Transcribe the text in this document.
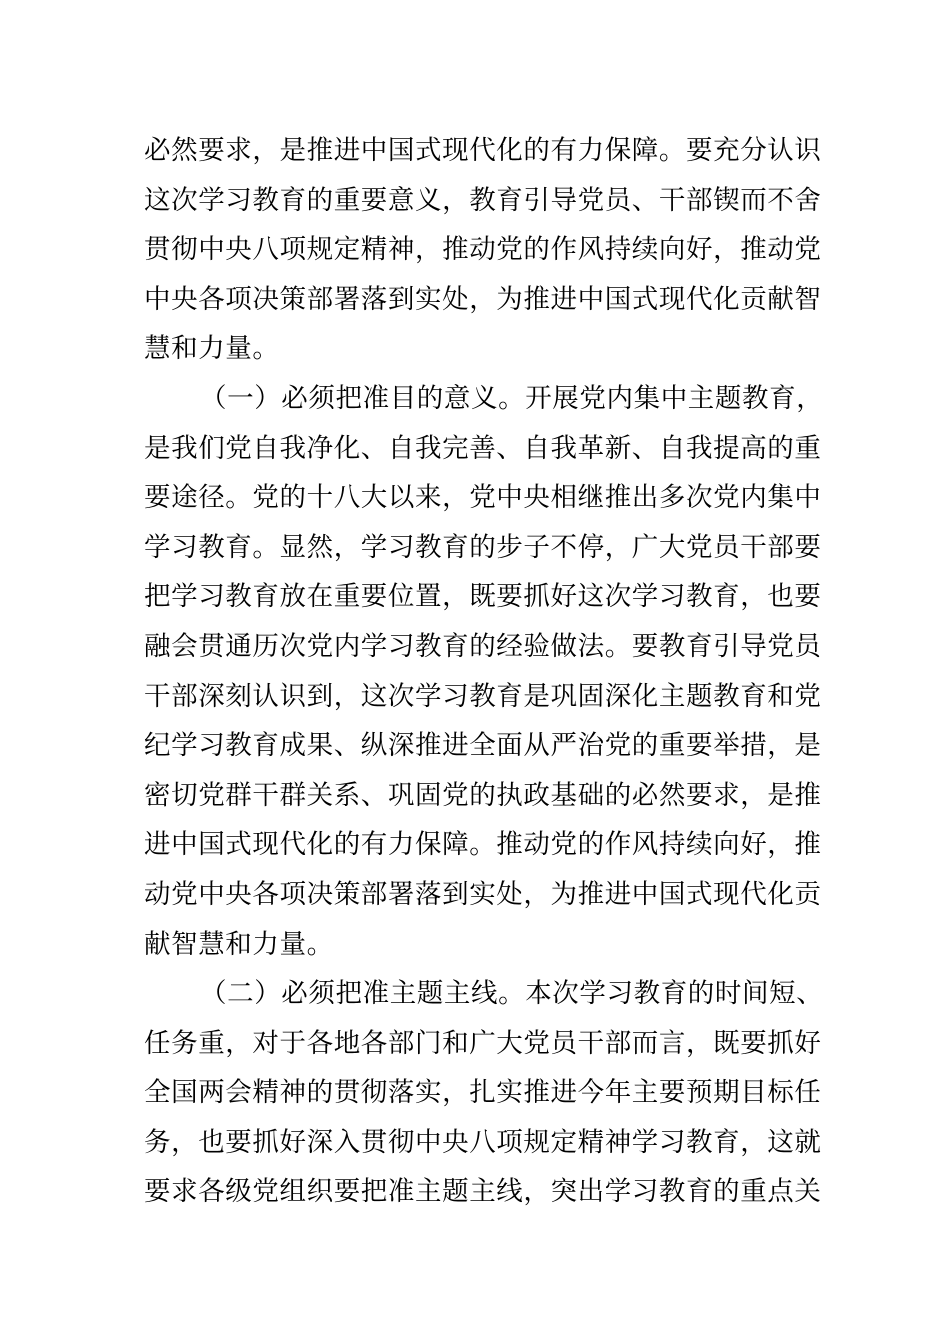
必然要求，是推进中国式现代化的有力保障。要充分认识
这次学习教育的重要意义，教育引导党员、干部锲而不舍
贯彻中央八项规定精神，推动党的作风持续向好，推动党
中央各项决策部署落到实处，为推进中国式现代化贡献智
慧和力量。
（一）必须把准目的意义。开展党内集中主题教育，
是我们党自我净化、自我完善、自我革新、自我提高的重
要途径。党的十八大以来，党中央相继推出多次党内集中
学习教育。显然，学习教育的步子不停，广大党员干部要
把学习教育放在重要位置，既要抓好这次学习教育，也要
融会贯通历次党内学习教育的经验做法。要教育引导党员
干部深刻认识到，这次学习教育是巩固深化主题教育和党
纪学习教育成果、纵深推进全面从严治党的重要举措，是
密切党群干群关系、巩固党的执政基础的必然要求，是推
进中国式现代化的有力保障。推动党的作风持续向好，推
动党中央各项决策部署落到实处，为推进中国式现代化贡
献智慧和力量。
（二）必须把准主题主线。本次学习教育的时间短、
任务重，对于各地各部门和广大党员干部而言，既要抓好
全国两会精神的贯彻落实，扎实推进今年主要预期目标任
务，也要抓好深入贯彻中央八项规定精神学习教育，这就
要求各级党组织要把准主题主线，突出学习教育的重点关
